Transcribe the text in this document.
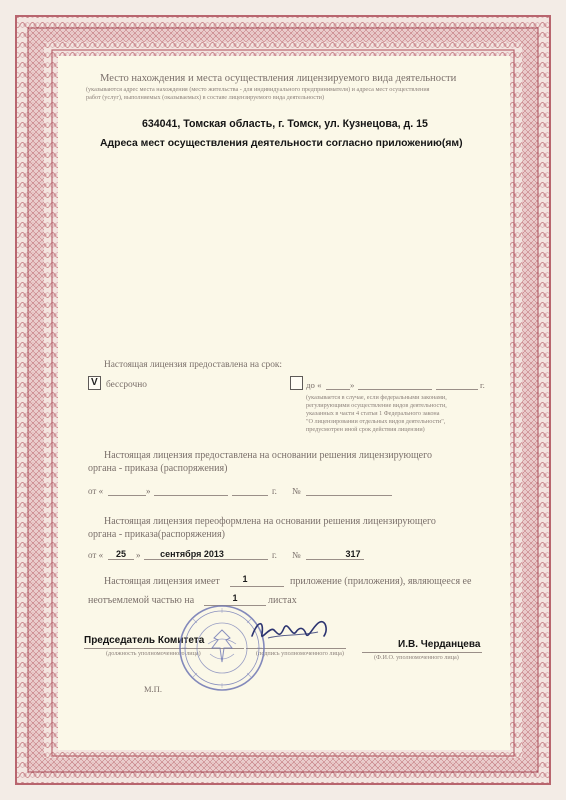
Место нахождения и места осуществления лицензируемого вида деятельности
(указываются адрес места нахождения (место жительства - для индивидуального предпринимателя) и адреса мест осуществления
работ (услуг), выполняемых (оказываемых) в составе лицензируемого вида деятельности)
634041, Томская область, г. Томск, ул. Кузнецова, д. 15
Адреса мест осуществления деятельности согласно приложению(ям)
Настоящая лицензия предоставлена на срок:
V бессрочно	до «	»	г.
(указывается в случае, если федеральными законами,
регулирующими осуществление видов деятельности,
указанных в части 4 статьи 1 Федерального закона
"О лицензировании отдельных видов деятельности",
предусмотрен иной срок действия лицензии)
Настоящая лицензия предоставлена на основании решения лицензирующего
органа - приказа (распоряжения)
от «	»	г. №
Настоящая лицензия переоформлена на основании решения лицензирующего
органа - приказа(распоряжения)
от «	25	»	сентября 2013	г. №	317
Настоящая лицензия имеет	1	приложение (приложения), являющееся ее
неотъемлемой частью на	1	листах
Председатель Комитета
(должность уполномоченного лица)	(подпись уполномоченного лица)
И.В. Черданцева
(Ф.И.О. уполномоченного лица)
М.П.
